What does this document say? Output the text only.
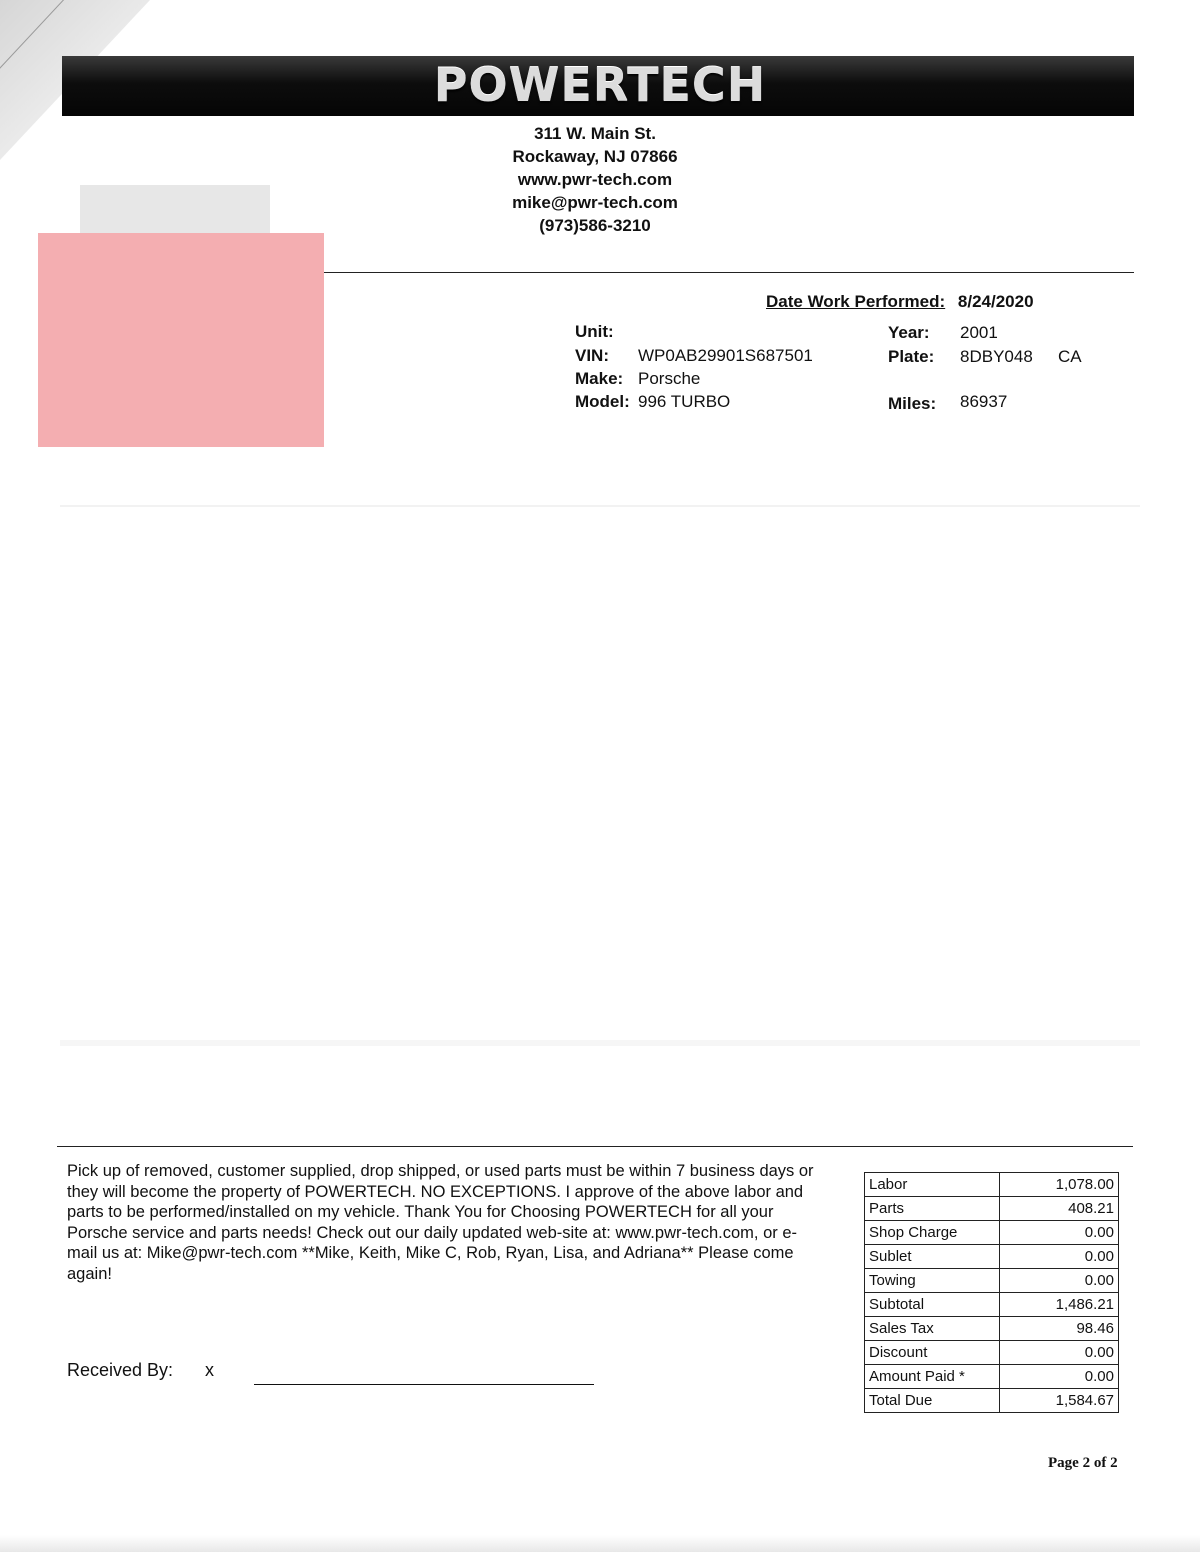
POWERTECH
311 W. Main St.
Rockaway, NJ 07866
www.pwr-tech.com
mike@pwr-tech.com
(973)586-3210
Date Work Performed: 8/24/2020
Unit:
VIN: WP0AB29901S687501
Make: Porsche
Model: 996 TURBO
Year: 2001
Plate: 8DBY048 CA
Miles: 86937
Pick up of removed, customer supplied, drop shipped, or used parts must be within 7 business days or they will become the property of POWERTECH. NO EXCEPTIONS. I approve of the above labor and parts to be performed/installed on my vehicle. Thank You for Choosing POWERTECH for all your Porsche service and parts needs! Check out our daily updated web-site at: www.pwr-tech.com, or e-mail us at: Mike@pwr-tech.com **Mike, Keith, Mike C, Rob, Ryan, Lisa, and Adriana** Please come again!
Received By: x
Labor	1,078.00
Parts	408.21
Shop Charge	0.00
Sublet	0.00
Towing	0.00
Subtotal	1,486.21
Sales Tax	98.46
Discount	0.00
Amount Paid *	0.00
Total Due	1,584.67
Page 2 of 2
